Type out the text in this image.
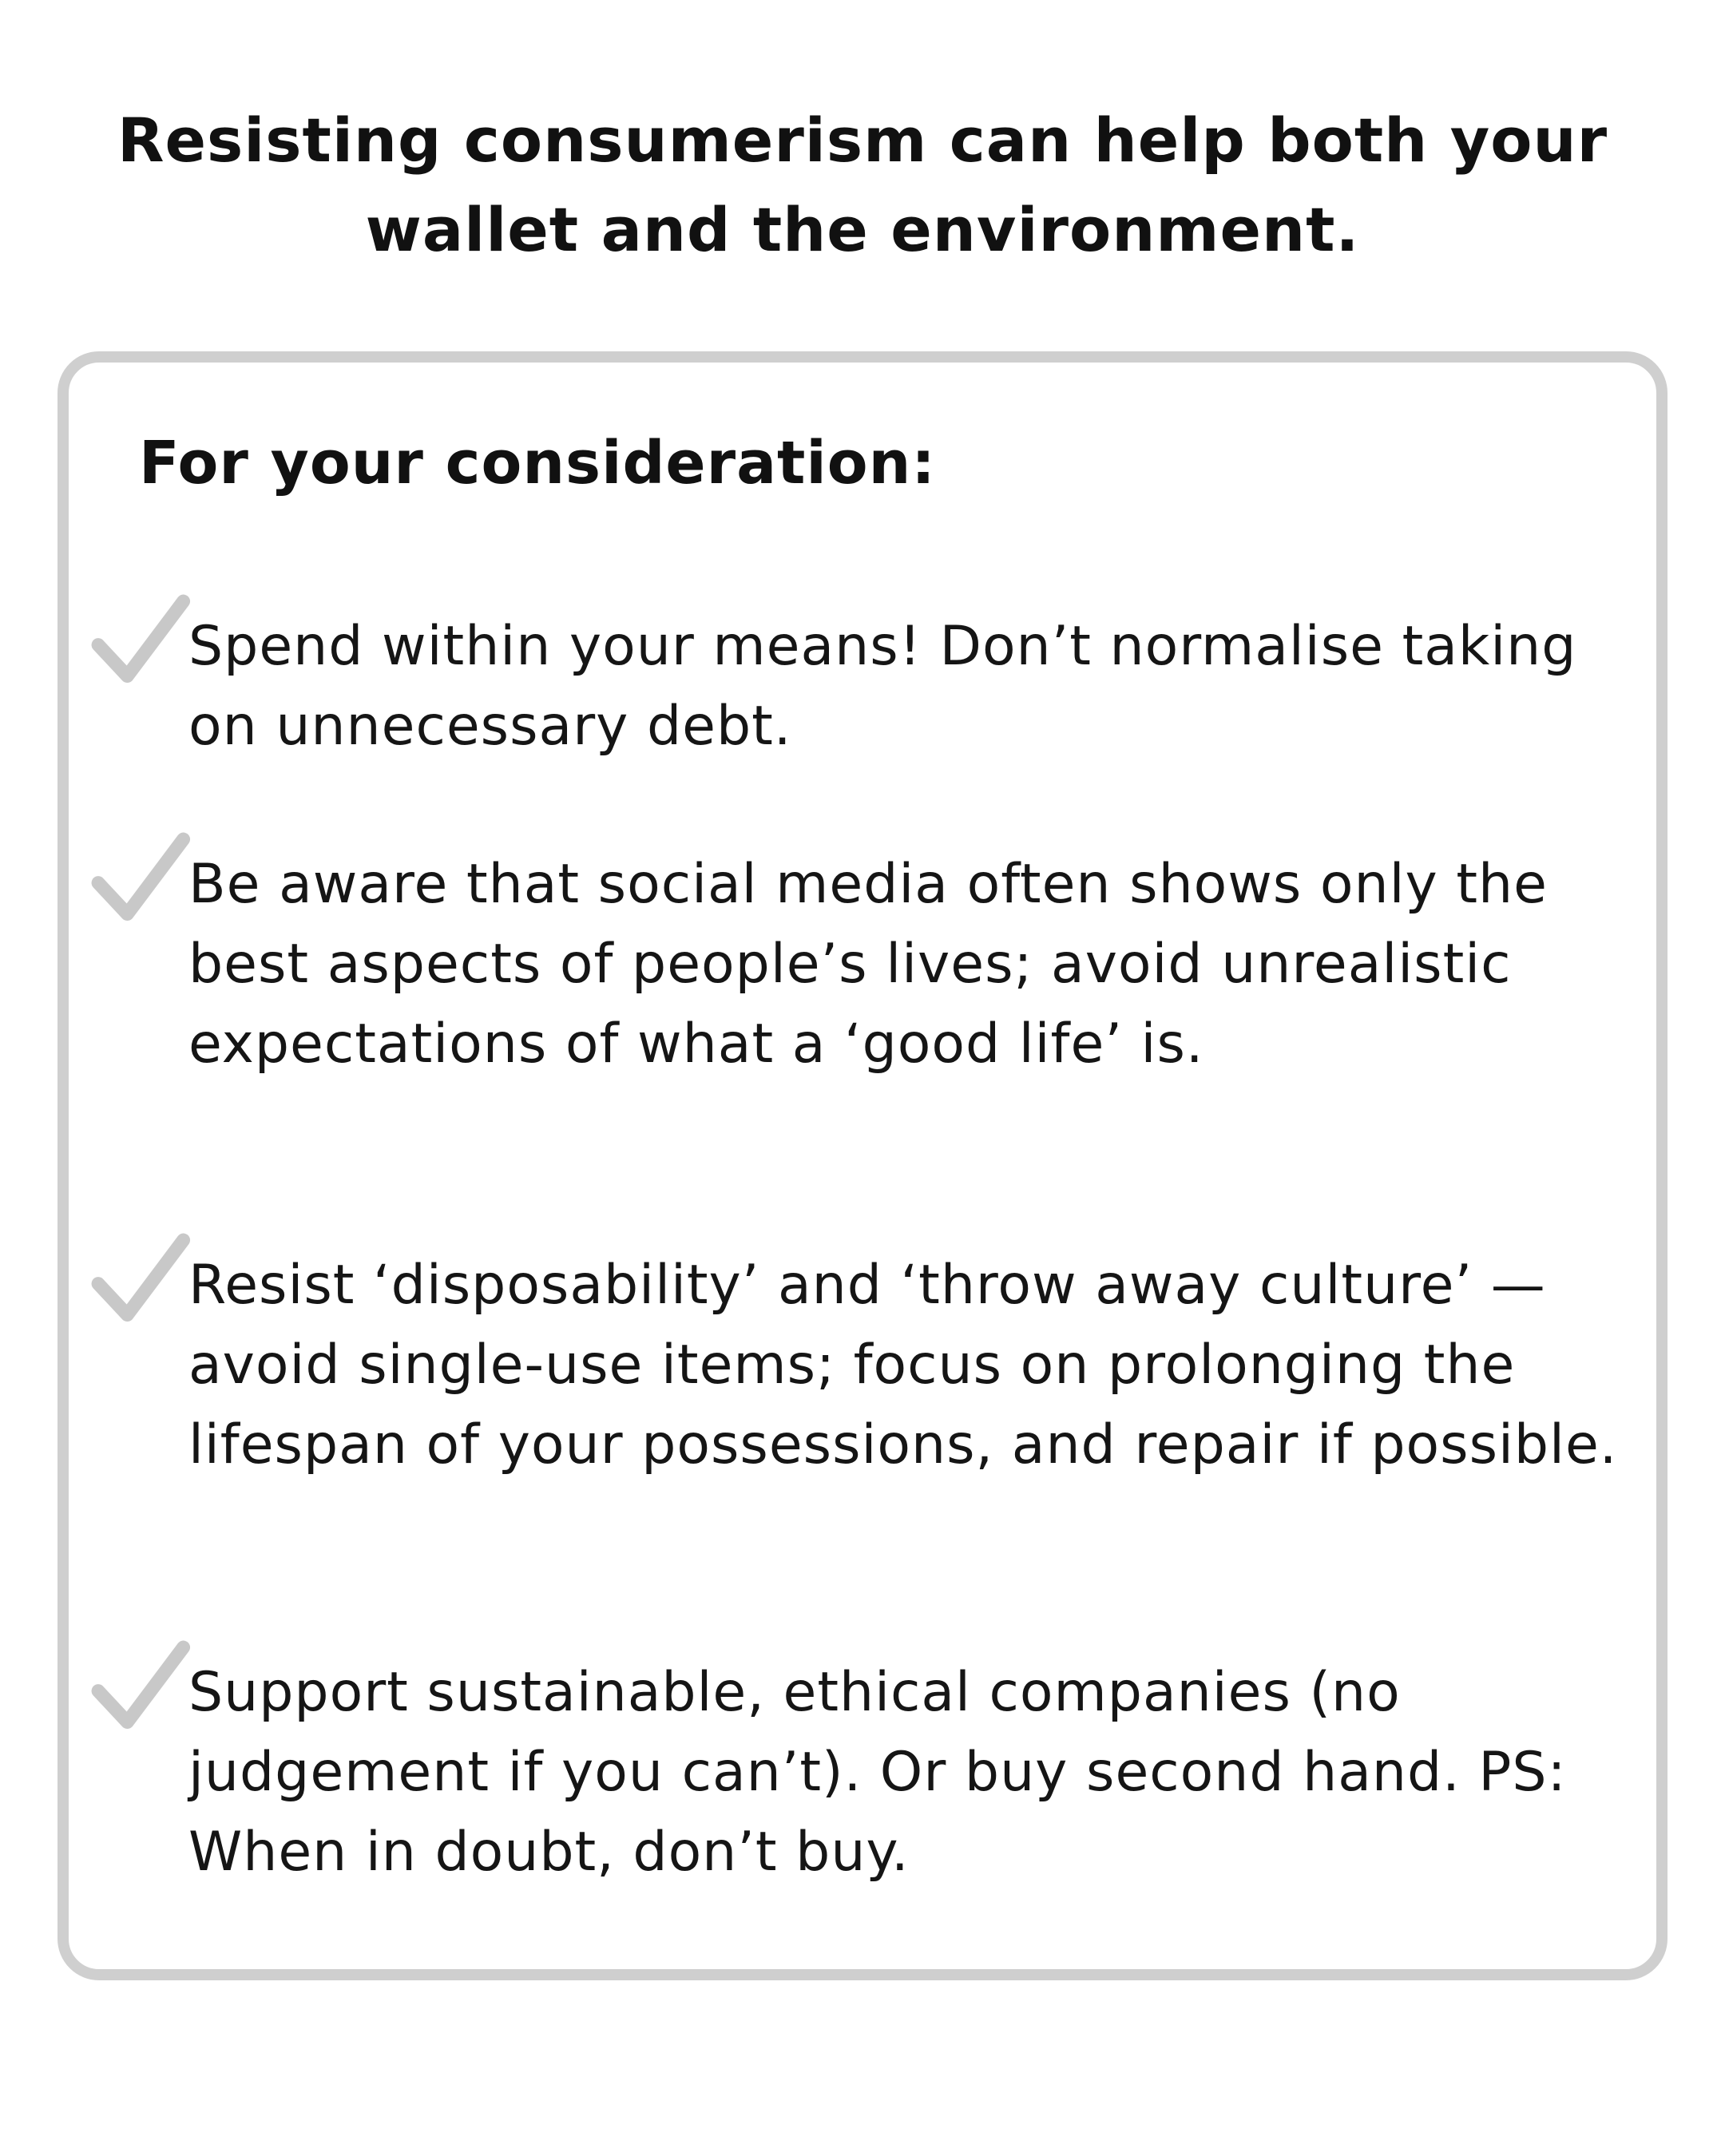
Resisting consumerism can help both your wallet and the environment.
For your consideration:

Spend within your means! Don’t normalise taking on unnecessary debt.

Be aware that social media often shows only the best aspects of people’s lives; avoid unrealistic expectations of what a ‘good life’ is.

Resist ‘disposability’ and ‘throw away culture’ — avoid single-use items; focus on prolonging the lifespan of your possessions, and repair if possible.

Support sustainable, ethical companies (no judgement if you can’t). Or buy second hand. PS: When in doubt, don’t buy.
